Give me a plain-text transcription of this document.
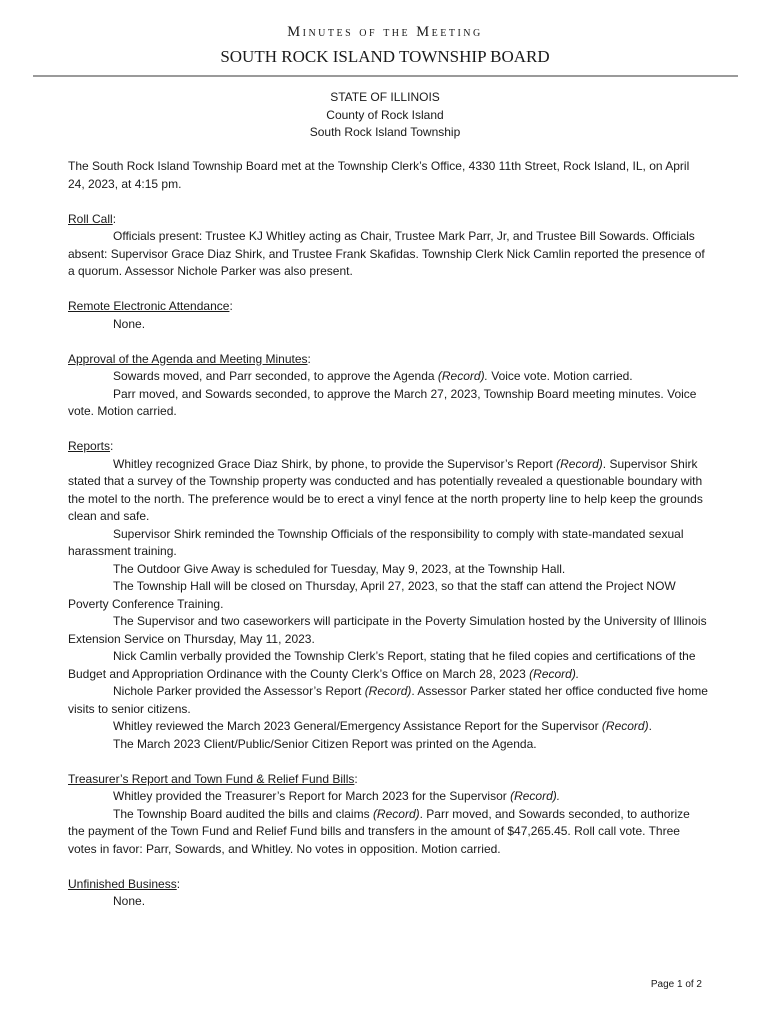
Minutes of the Meeting
SOUTH ROCK ISLAND TOWNSHIP BOARD
STATE OF ILLINOIS
County of Rock Island
South Rock Island Township

The South Rock Island Township Board met at the Township Clerk’s Office, 4330 11th Street, Rock Island, IL, on April 24, 2023, at 4:15 pm.

Roll Call:

Officials present: Trustee KJ Whitley acting as Chair, Trustee Mark Parr, Jr, and Trustee Bill Sowards. Officials absent: Supervisor Grace Diaz Shirk, and Trustee Frank Skafidas. Township Clerk Nick Camlin reported the presence of a quorum. Assessor Nichole Parker was also present.

Remote Electronic Attendance:

None.

Approval of the Agenda and Meeting Minutes:

Sowards moved, and Parr seconded, to approve the Agenda (Record). Voice vote. Motion carried.

Parr moved, and Sowards seconded, to approve the March 27, 2023, Township Board meeting minutes. Voice vote. Motion carried.

Reports:

Whitley recognized Grace Diaz Shirk, by phone, to provide the Supervisor’s Report (Record). Supervisor Shirk stated that a survey of the Township property was conducted and has potentially revealed a questionable boundary with the motel to the north. The preference would be to erect a vinyl fence at the north property line to help keep the grounds clean and safe.

Supervisor Shirk reminded the Township Officials of the responsibility to comply with state-mandated sexual harassment training.

The Outdoor Give Away is scheduled for Tuesday, May 9, 2023, at the Township Hall.

The Township Hall will be closed on Thursday, April 27, 2023, so that the staff can attend the Project NOW Poverty Conference Training.

The Supervisor and two caseworkers will participate in the Poverty Simulation hosted by the University of Illinois Extension Service on Thursday, May 11, 2023.

Nick Camlin verbally provided the Township Clerk’s Report, stating that he filed copies and certifications of the Budget and Appropriation Ordinance with the County Clerk’s Office on March 28, 2023 (Record).

Nichole Parker provided the Assessor’s Report (Record). Assessor Parker stated her office conducted five home visits to senior citizens.

Whitley reviewed the March 2023 General/Emergency Assistance Report for the Supervisor (Record).

The March 2023 Client/Public/Senior Citizen Report was printed on the Agenda.

Treasurer’s Report and Town Fund & Relief Fund Bills:

Whitley provided the Treasurer’s Report for March 2023 for the Supervisor (Record).

The Township Board audited the bills and claims (Record). Parr moved, and Sowards seconded, to authorize the payment of the Town Fund and Relief Fund bills and transfers in the amount of $47,265.45. Roll call vote. Three votes in favor: Parr, Sowards, and Whitley. No votes in opposition. Motion carried.

Unfinished Business:

None.

Page 1 of 2
